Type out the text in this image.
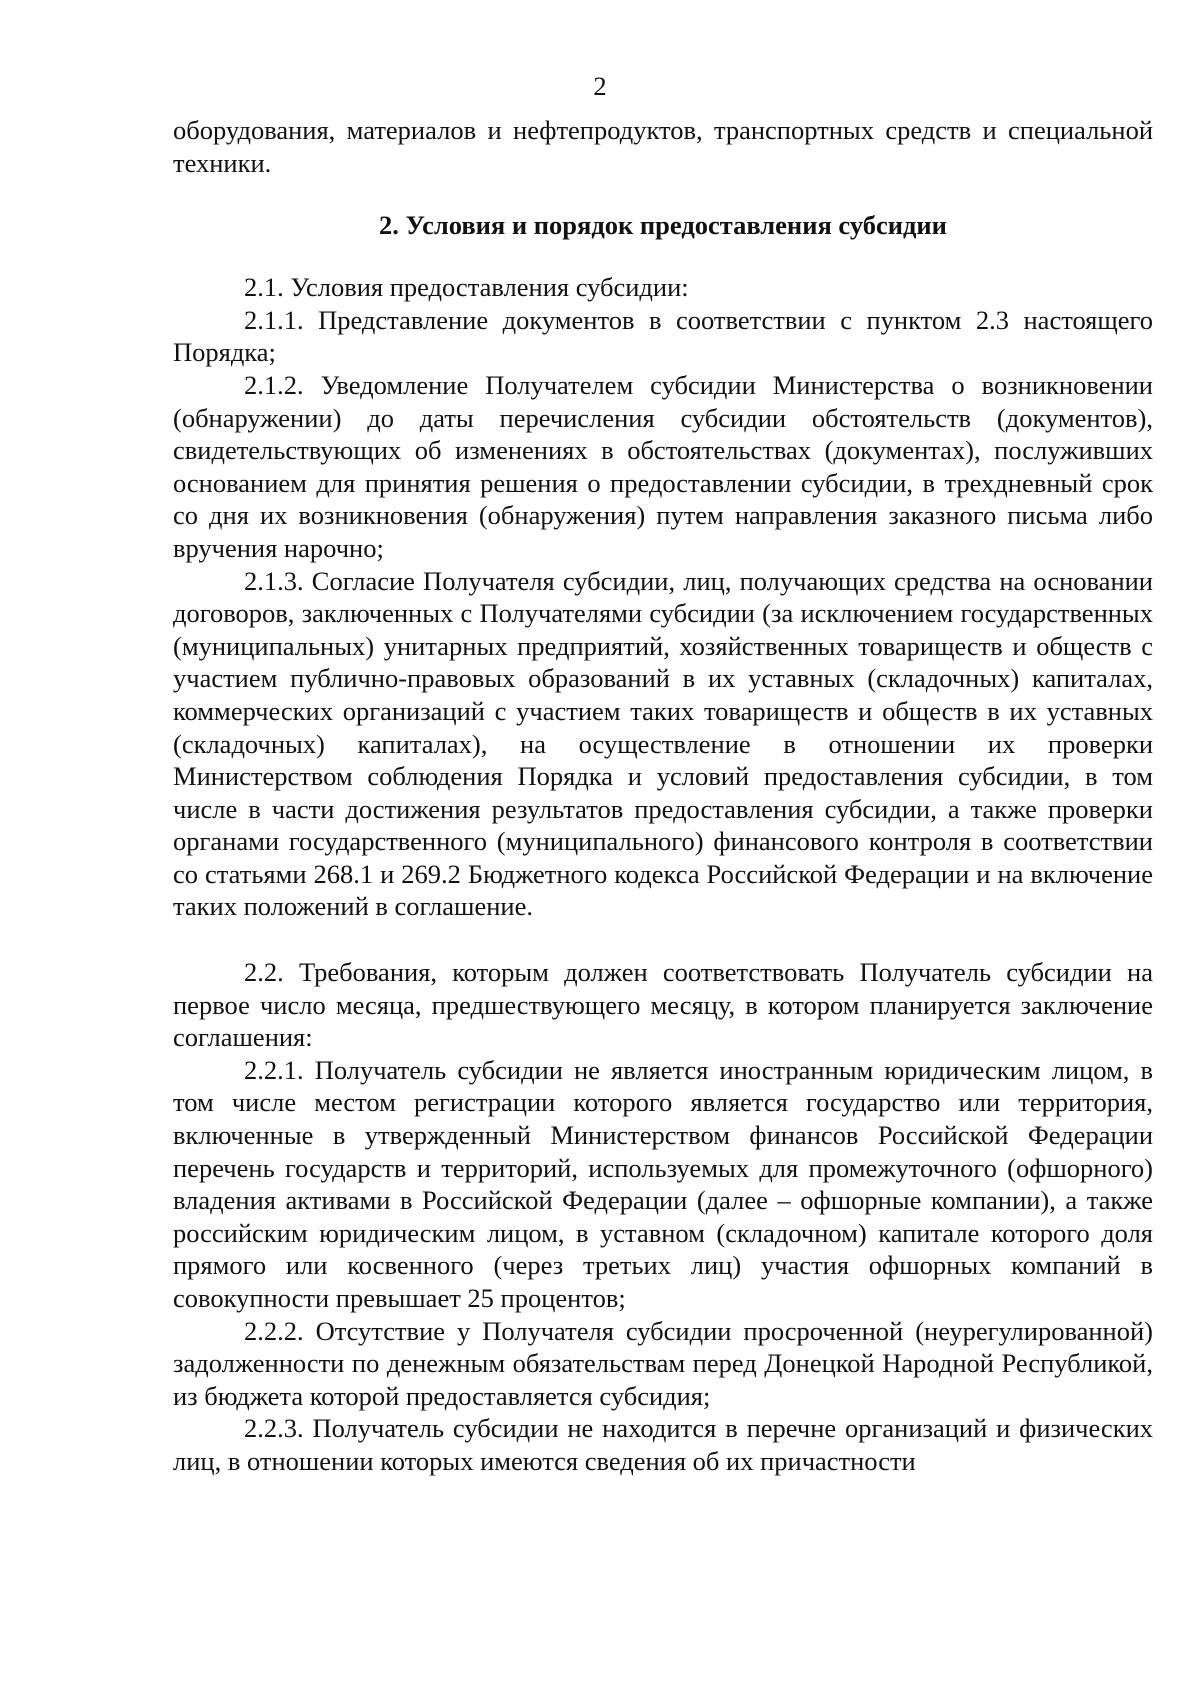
2

оборудования, материалов и нефтепродуктов, транспортных средств и специальной техники.

2. Условия и порядок предоставления субсидии

2.1. Условия предоставления субсидии:

2.1.1. Представление документов в соответствии с пунктом 2.3 настоящего Порядка;

2.1.2. Уведомление Получателем субсидии Министерства о возникновении (обнаружении) до даты перечисления субсидии обстоятельств (документов), свидетельствующих об изменениях в обстоятельствах (документах), послуживших основанием для принятия решения о предоставлении субсидии, в трехдневный срок со дня их возникновения (обнаружения) путем направления заказного письма либо вручения нарочно;

2.1.3. Согласие Получателя субсидии, лиц, получающих средства на основании договоров, заключенных с Получателями субсидии (за исключением государственных (муниципальных) унитарных предприятий, хозяйственных товариществ и обществ с участием публично-правовых образований в их уставных (складочных) капиталах, коммерческих организаций с участием таких товариществ и обществ в их уставных (складочных) капиталах), на осуществление в отношении их проверки Министерством соблюдения Порядка и условий предоставления субсидии, в том числе в части достижения результатов предоставления субсидии, а также проверки органами государственного (муниципального) финансового контроля в соответствии со статьями 268.1 и 269.2 Бюджетного кодекса Российской Федерации и на включение таких положений в соглашение.

2.2. Требования, которым должен соответствовать Получатель субсидии на первое число месяца, предшествующего месяцу, в котором планируется заключение соглашения:

2.2.1. Получатель субсидии не является иностранным юридическим лицом, в том числе местом регистрации которого является государство или территория, включенные в утвержденный Министерством финансов Российской Федерации перечень государств и территорий, используемых для промежуточного (офшорного) владения активами в Российской Федерации (далее – офшорные компании), а также российским юридическим лицом, в уставном (складочном) капитале которого доля прямого или косвенного (через третьих лиц) участия офшорных компаний в совокупности превышает 25 процентов;

2.2.2. Отсутствие у Получателя субсидии просроченной (неурегулированной) задолженности по денежным обязательствам перед Донецкой Народной Республикой, из бюджета которой предоставляется субсидия;

2.2.3. Получатель субсидии не находится в перечне организаций и физических лиц, в отношении которых имеются сведения об их причастности
